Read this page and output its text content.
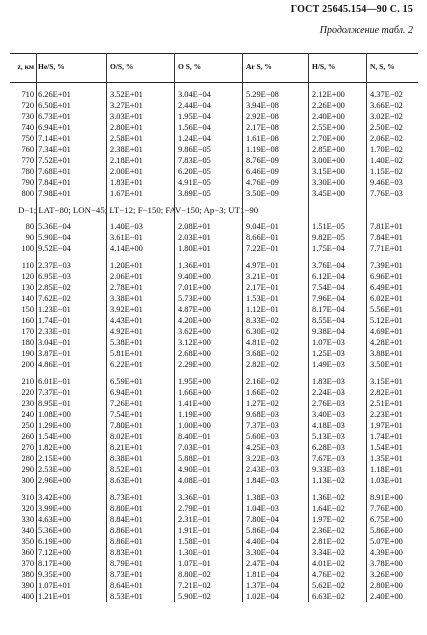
ГОСТ 25645.154—90 С. 15
Продолжение табл. 2
z, км He/S, %	O/S, %	O S, %	Ar S, %	H/S, %	N, S, %
710 6.26E+01	3.52E+01	3.04E−04	5.29E−08	2.12E+00	4.37E−02
720 6.50E+01	3.27E+01	2.44E−04	3.94E−08	2.26E+00	3.66E−02
730 6.73E+01	3.03E+01	1.95E−04	2.92E−08	2.40E+00	3.02E−02
740 6.94E+01	2.80E+01	1.56E−04	2.17E−08	2.55E+00	2.50E−02
750 7.14E+01	2.58E+01	1.24E−04	1.61E−08	2.70E+00	2.06E−02
760 7.34E+01	2.38E+01	9.86E−05	1.19E−08	2.85E+00	1.70E−02
770 7.52E+01	2.18E+01	7.83E−05	8.76E−09	3.00E+00	1.40E−02
780 7.68E+01	2.00E+01	6.20E−05	6.46E−09	3.15E+00	1.15E−02
790 7.84E+01	1.83E+01	4.91E−05	4.76E−09	3.30E+00	9.46E−03
800 7.98E+01	1.67E+01	3.89E−05	3.50E−09	3.45E+00	7.76E−03
D−1; LAT−80; LON−45; LT−12; F−150; FAV−150; Ap−3; UT1−90
80 5.36E−04	1.40E−03	2.08E+01	9.04E−01	1.51E−05	7.81E+01
90 5.90E−04	3.61E−01	2.03E+01	8.66E−01	9.82E−05	7.84E+01
100 9.52E−04	4.14E+00	1.80E+01	7.22E−01	1.75E−04	7.71E+01
110 2.37E−03	1.20E+01	1.36E+01	4.97E−01	3.76E−04	7.39E+01
120 6.95E−03	2.06E+01	9.40E+00	3.21E−01	6.12E−04	6.96E+01
130 2.85E−02	2.78E+01	7.01E+00	2.17E−01	7.54E−04	6.49E+01
140 7.62E−02	3.38E+01	5.73E+00	1.53E−01	7.96E−04	6.02E+01
150 1.23E−01	3.92E+01	4.87E+00	1.12E−01	8.17E−04	5.56E+01
160 1.74E−01	4.43E+01	4.20E+00	8.33E−02	8.55E−04	5.12E+01
170 2.33E−01	4.92E+01	3.62E+00	6.30E−02	9.38E−04	4.69E+01
180 3.04E−01	5.38E+01	3.12E+00	4.81E−02	1.07E−03	4.28E+01
190 3.87E−01	5.81E+01	2.68E+00	3.68E−02	1.25E−03	3.88E+01
200 4.86E−01	6.22E+01	2.29E+00	2.82E−02	1.49E−03	3.50E+01
210 6.01E−01	6.59E+01	1.95E+00	2.16E−02	1.83E−03	3.15E+01
220 7.37E−01	6.94E+01	1.66E+00	1.66E−02	2.24E−03	2.82E+01
230 8.95E−01	7.26E+01	1.41E+00	1.27E−02	2.76E−03	2.51E+01
240 1.08E+00	7.54E+01	1.19E+00	9.68E−03	3.40E−03	2.23E+01
250 1.29E+00	7.80E+01	1.00E+00	7.37E−03	4.18E−03	1.97E+01
260 1.54E+00	8.02E+01	8.40E−01	5.60E−03	5.13E−03	1.74E+01
270 1.82E+00	8.21E+01	7.03E−01	4.25E−03	6.28E−03	1.54E+01
280 2.15E+00	8.38E+01	5.88E−01	3.22E−03	7.67E−03	1.35E+01
290 2.53E+00	8.52E+01	4.90E−01	2.43E−03	9.33E−03	1.18E+01
300 2.96E+00	8.63E+01	4.08E−01	1.84E−03	1.13E−02	1.03E+01
310 3.42E+00	8.73E+01	3.36E−01	1.38E−03	1.36E−02	8.91E+00
320 3.99E+00	8.80E+01	2.79E−01	1.04E−03	1.64E−02	7.76E+00
330 4.63E+00	8.84E+01	2.31E−01	7.80E−04	1.97E−02	6.75E+00
340 5.36E+00	8.86E+01	1.91E−01	5.86E−04	2.36E−02	5.86E+00
350 6.19E+00	8.86E+01	1.58E−01	4.40E−04	2.81E−02	5.07E+00
360 7.12E+00	8.83E+01	1.30E−01	3.30E−04	3.34E−02	4.39E+00
370 8.17E+00	8.79E+01	1.07E−01	2.47E−04	4.01E−02	3.78E+00
380 9.35E+00	8.73E+01	8.80E−02	1.81E−04	4.76E−02	3.26E+00
390 1.07E+01	8.64E+01	7.21E−02	1.37E−04	5.62E−02	2.80E+00
400 1.21E+01	8.53E+01	5.90E−02	1.02E−04	6.63E−02	2.40E+00
